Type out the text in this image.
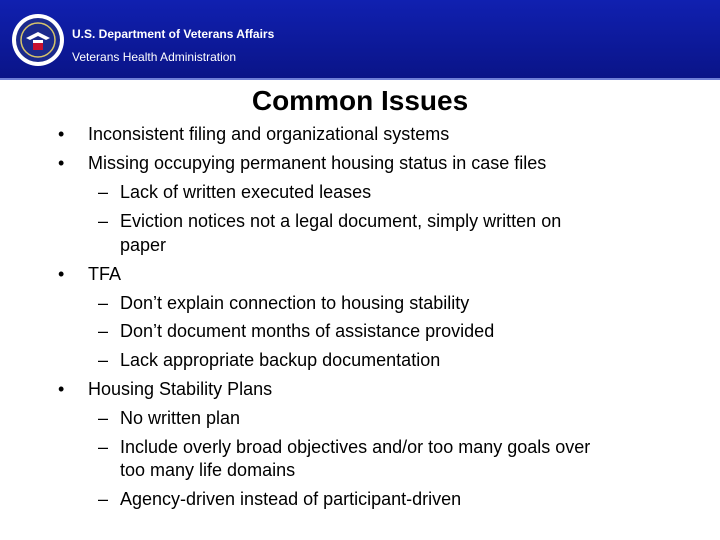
U.S. Department of Veterans Affairs
Veterans Health Administration
Common Issues
• Inconsistent filing and organizational systems
• Missing occupying permanent housing status in case files
– Lack of written executed leases
– Eviction notices not a legal document, simply written on
paper
• TFA
– Don’t explain connection to housing stability
– Don’t document months of assistance provided
– Lack appropriate backup documentation
• Housing Stability Plans
– No written plan
– Include overly broad objectives and/or too many goals over
too many life domains
– Agency-driven instead of participant-driven
